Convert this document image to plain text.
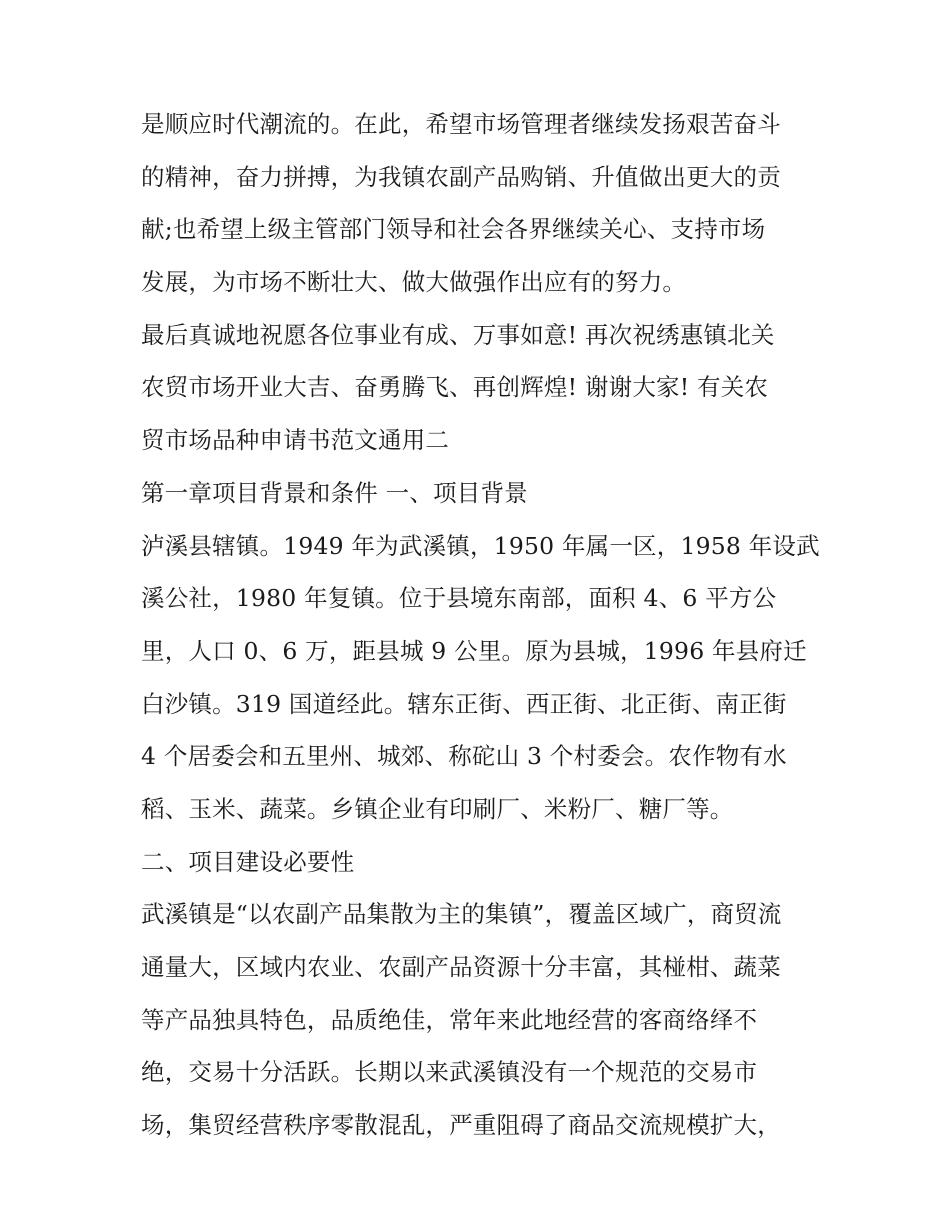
是顺应时代潮流的。在此，希望市场管理者继续发扬艰苦奋斗
的精神，奋力拼搏，为我镇农副产品购销、升值做出更大的贡
献;也希望上级主管部门领导和社会各界继续关心、支持市场
发展，为市场不断壮大、做大做强作出应有的努力。
最后真诚地祝愿各位事业有成、万事如意! 再次祝绣惠镇北关
农贸市场开业大吉、奋勇腾飞、再创辉煌! 谢谢大家! 有关农
贸市场品种申请书范文通用二
第一章项目背景和条件 一、项目背景
泸溪县辖镇。1949 年为武溪镇，1950 年属一区，1958 年设武
溪公社，1980 年复镇。位于县境东南部，面积 4、6 平方公
里，人口 0、6 万，距县城 9 公里。原为县城，1996 年县府迁
白沙镇。319 国道经此。辖东正街、西正街、北正街、南正街
4 个居委会和五里州、城郊、称砣山 3 个村委会。农作物有水
稻、玉米、蔬菜。乡镇企业有印刷厂、米粉厂、糖厂等。
二、项目建设必要性
武溪镇是“以农副产品集散为主的集镇”，覆盖区域广，商贸流
通量大，区域内农业、农副产品资源十分丰富，其椪柑、蔬菜
等产品独具特色，品质绝佳，常年来此地经营的客商络绎不
绝，交易十分活跃。长期以来武溪镇没有一个规范的交易市
场，集贸经营秩序零散混乱，严重阻碍了商品交流规模扩大，
